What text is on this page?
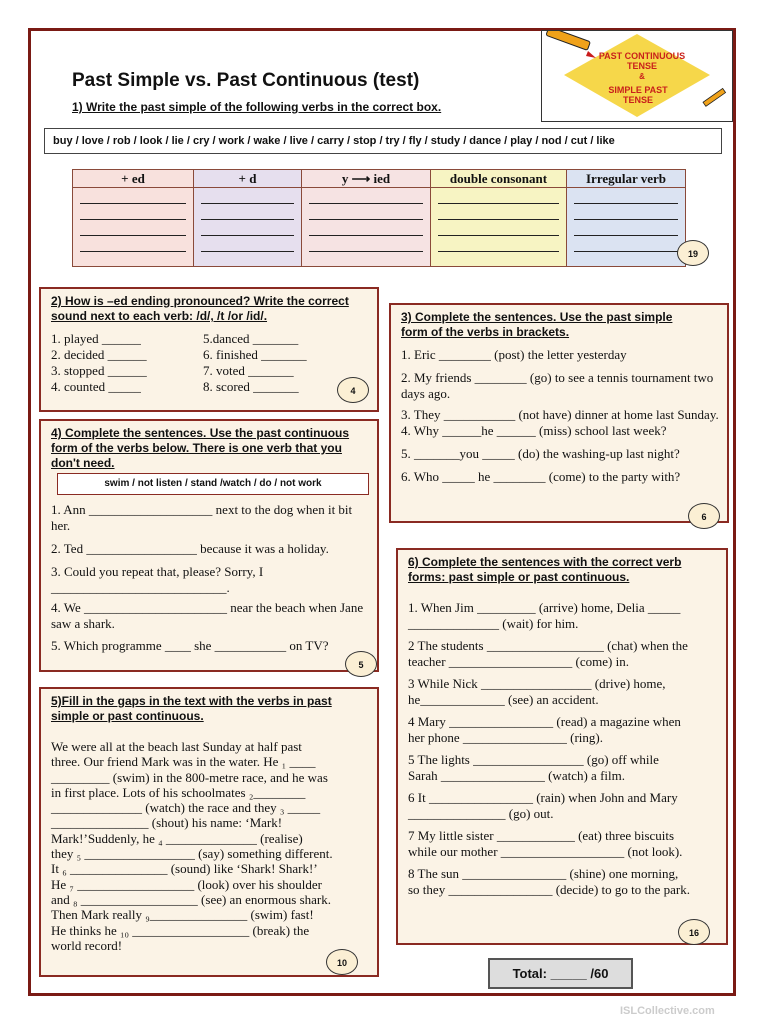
Past Simple vs. Past Continuous (test)
1) Write the past simple of the following verbs in the correct box.
PAST CONTINUOUS
TENSE
&
SIMPLE PAST
TENSE
buy / love / rob / look / lie / cry / work / wake / live / carry / stop / try / fly / study / dance / play / nod / cut / like
+ ed	+ d	y ⟶ ied	double consonant	Irregular verb

19
2) How is –ed ending pronounced? Write the correct sound next to each verb: /d/, /t /or /id/.
1. played ______
2. decided ______
3. stopped ______
4. counted _____
5.danced _______
6. finished _______
7. voted _______
8. scored _______	4
3) Complete the sentences. Use the past simple form of the verbs in brackets.
1. Eric ________ (post) the letter yesterday
2. My friends ________ (go) to see a tennis tournament two days ago.
3. They ___________ (not have) dinner at home last Sunday.
4. Why ______he ______ (miss) school last week?
5. _______you _____ (do) the washing-up last night?
6. Who _____ he ________ (come) to the party with?
6
4) Complete the sentences. Use the past continuous form of the verbs below. There is one verb that you don't need.
swim / not listen / stand /watch / do / not work
1. Ann ___________________ next to the dog when it bit her.
2. Ted _________________ because it was a holiday.
3. Could you repeat that, please? Sorry, I ___________________________.
4. We ______________________ near the beach when Jane saw a shark.
5. Which programme ____ she ___________ on TV?
5
5)Fill in the gaps in the text with the verbs in past simple or past continuous.
We were all at the beach last Sunday at half past
three. Our friend Mark was in the water. He ₁ ____
_________ (swim) in the 800-metre race, and he was
in first place. Lots of his schoolmates ₂________
______________ (watch) the race and they ₃ _____
_______________ (shout) his name: ‘Mark!
Mark!’Suddenly, he ₄ ______________ (realise)
they ₅ _________________ (say) something different.
It ₆ _______________ (sound) like ‘Shark! Shark!’
He ₇ __________________ (look) over his shoulder
and ₈ __________________ (see) an enormous shark.
Then Mark really ₉_______________ (swim) fast!
He thinks he ₁₀ __________________ (break) the
world record!
10
6) Complete the sentences with the correct verb forms: past simple or past continuous.
1. When Jim _________ (arrive) home, Delia _____
______________ (wait) for him.
2 The students __________________ (chat) when the
teacher ___________________ (come) in.
3 While Nick _________________ (drive) home,
he_____________ (see) an accident.
4 Mary ________________ (read) a magazine when
her phone ________________ (ring).
5 The lights _________________ (go) off while
Sarah ________________ (watch) a film.
6 It ________________ (rain) when John and Mary
_______________ (go) out.
7 My little sister ____________ (eat) three biscuits
while our mother ___________________ (not look).
8 The sun ________________ (shine) one morning,
so they ________________ (decide) to go to the park.
16
Total: _____ /60
ISLCollective.com
